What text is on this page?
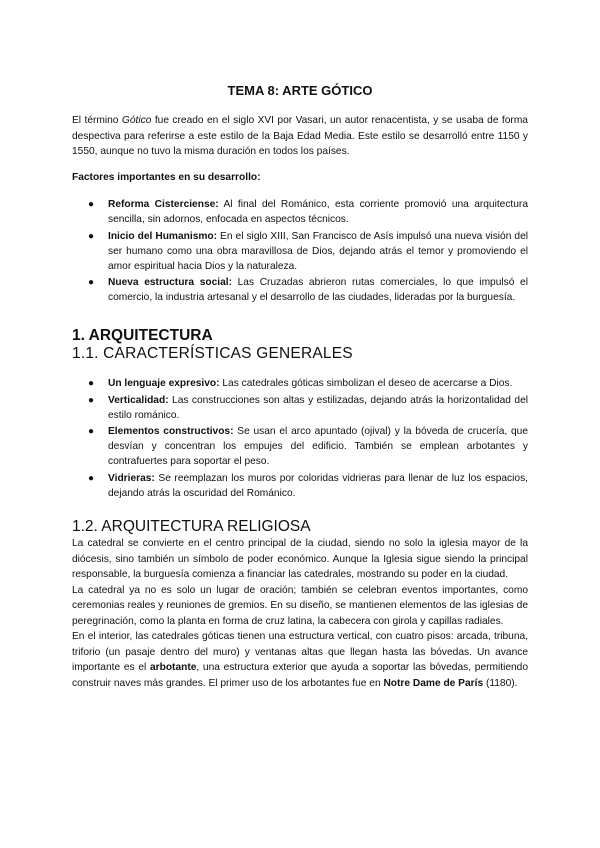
TEMA 8: ARTE GÓTICO

El término Gótico fue creado en el siglo XVI por Vasari, un autor renacentista, y se usaba de forma despectiva para referirse a este estilo de la Baja Edad Media. Este estilo se desarrolló entre 1150 y 1550, aunque no tuvo la misma duración en todos los países.

Factores importantes en su desarrollo:

● Reforma Cisterciense: Al final del Románico, esta corriente promovió una arquitectura sencilla, sin adornos, enfocada en aspectos técnicos.
● Inicio del Humanismo: En el siglo XIII, San Francisco de Asís impulsó una nueva visión del ser humano como una obra maravillosa de Dios, dejando atrás el temor y promoviendo el amor espiritual hacia Dios y la naturaleza.
● Nueva estructura social: Las Cruzadas abrieron rutas comerciales, lo que impulsó el comercio, la industria artesanal y el desarrollo de las ciudades, lideradas por la burguesía.
1. ARQUITECTURA
1.1. CARACTERÍSTICAS GENERALES
● Un lenguaje expresivo: Las catedrales góticas simbolizan el deseo de acercarse a Dios.
● Verticalidad: Las construcciones son altas y estilizadas, dejando atrás la horizontalidad del estilo románico.
● Elementos constructivos: Se usan el arco apuntado (ojival) y la bóveda de crucería, que desvían y concentran los empujes del edificio. También se emplean arbotantes y contrafuertes para soportar el peso.
● Vidrieras: Se reemplazan los muros por coloridas vidrieras para llenar de luz los espacios, dejando atrás la oscuridad del Románico.
1.2. ARQUITECTURA RELIGIOSA

La catedral se convierte en el centro principal de la ciudad, siendo no solo la iglesia mayor de la diócesis, sino también un símbolo de poder económico. Aunque la Iglesia sigue siendo la principal responsable, la burguesía comienza a financiar las catedrales, mostrando su poder en la ciudad.

La catedral ya no es solo un lugar de oración; también se celebran eventos importantes, como ceremonias reales y reuniones de gremios. En su diseño, se mantienen elementos de las iglesias de peregrinación, como la planta en forma de cruz latina, la cabecera con girola y capillas radiales.

En el interior, las catedrales góticas tienen una estructura vertical, con cuatro pisos: arcada, tribuna, triforio (un pasaje dentro del muro) y ventanas altas que llegan hasta las bóvedas. Un avance importante es el arbotante, una estructura exterior que ayuda a soportar las bóvedas, permitiendo construir naves más grandes. El primer uso de los arbotantes fue en Notre Dame de París (1180).
